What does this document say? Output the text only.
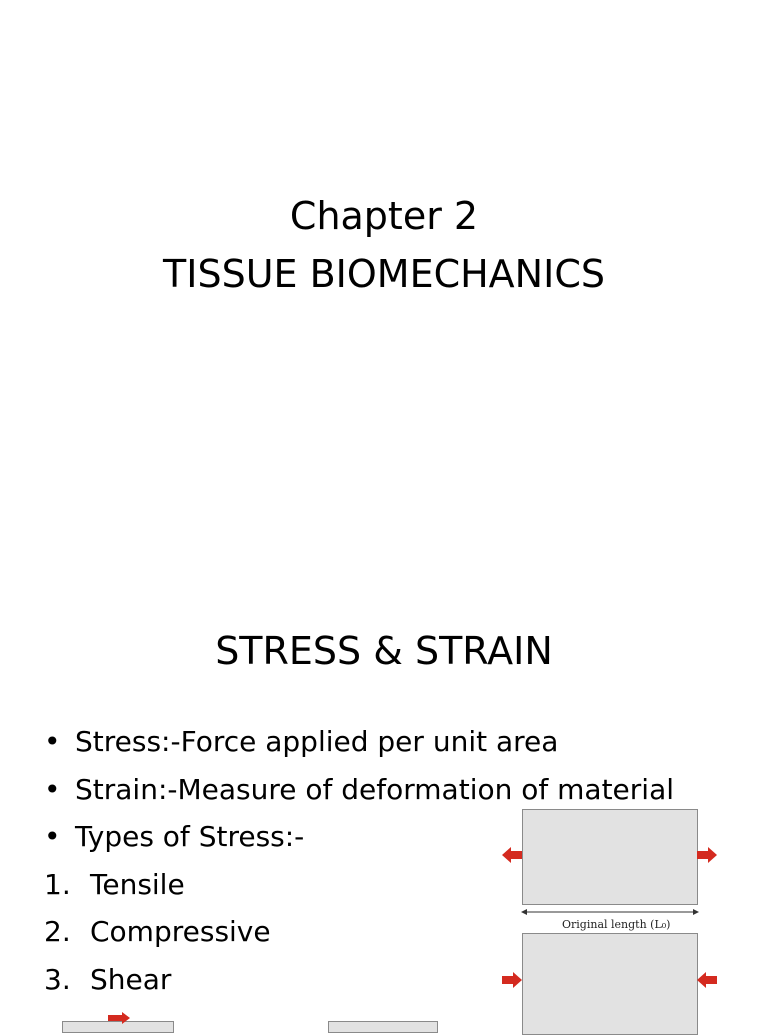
Chapter 2
TISSUE BIOMECHANICS
STRESS & STRAIN
• Stress:-Force applied per unit area
• Strain:-Measure of deformation of material
• Types of Stress:-
1. Tensile
2. Compressive
3. Shear
Original length (L₀)
